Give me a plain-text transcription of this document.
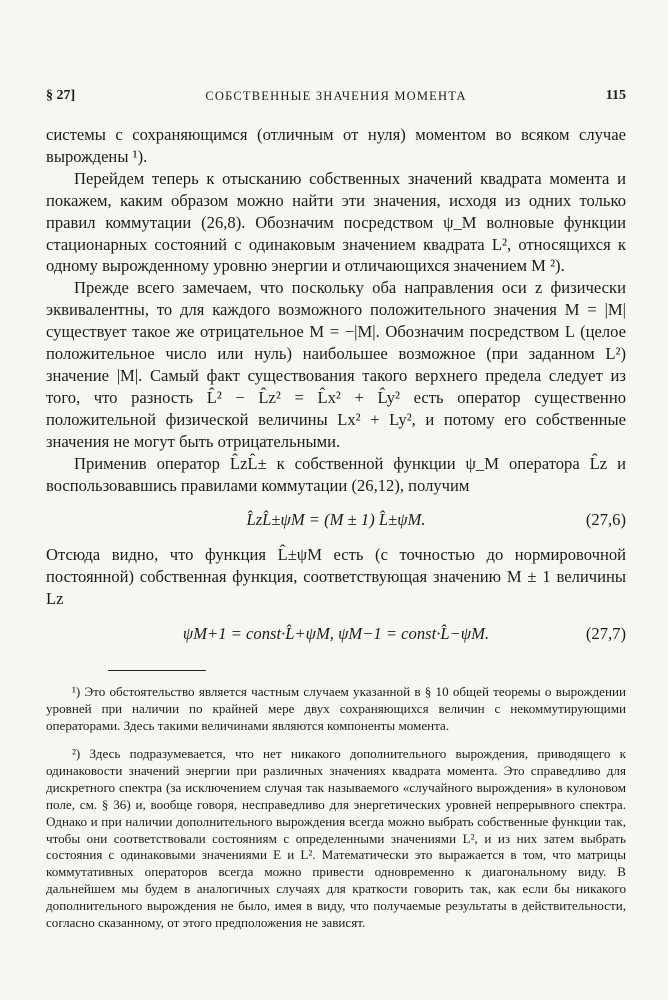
§ 27]	СОБСТВЕННЫЕ ЗНАЧЕНИЯ МОМЕНТА	115

системы с сохраняющимся (отличным от нуля) моментом во всяком случае вырождены ¹).

Перейдем теперь к отысканию собственных значений квадрата момента и покажем, каким образом можно найти эти значения, исходя из одних только правил коммутации (26,8). Обозначим посредством ψ_M волновые функции стационарных состояний с одинаковым значением квадрата L², относящихся к одному вырожденному уровню энергии и отличающихся значением M ²).

Прежде всего замечаем, что поскольку оба направления оси z физически эквивалентны, то для каждого возможного положительного значения M = |M| существует такое же отрицательное M = −|M|. Обозначим посредством L (целое положительное число или нуль) наибольшее возможное (при заданном L²) значение |M|. Самый факт существования такого верхнего предела следует из того, что разность L̂² − L̂z² = L̂x² + L̂y² есть оператор существенно положительной физической величины Lx² + Ly², и потому его собственные значения не могут быть отрицательными.

Применив оператор L̂zL̂± к собственной функции ψ_M оператора L̂z и воспользовавшись правилами коммутации (26,12), получим

L̂zL̂±ψM = (M ± 1) L̂±ψM.	(27,6)

Отсюда видно, что функция L̂±ψM есть (с точностью до нормировочной постоянной) собственная функция, соответствующая значению M ± 1 величины Lz

ψM+1 = const·L̂+ψM, ψM−1 = const·L̂−ψM.	(27,7)

¹) Это обстоятельство является частным случаем указанной в § 10 общей теоремы о вырождении уровней при наличии по крайней мере двух сохраняющихся величин с некоммутирующими операторами. Здесь такими величинами являются компоненты момента.

²) Здесь подразумевается, что нет никакого дополнительного вырождения, приводящего к одинаковости значений энергии при различных значениях квадрата момента. Это справедливо для дискретного спектра (за исключением случая так называемого «случайного вырождения» в кулоновом поле, см. § 36) и, вообще говоря, несправедливо для энергетических уровней непрерывного спектра. Однако и при наличии дополнительного вырождения всегда можно выбрать собственные функции так, чтобы они соответствовали состояниям с определенными значениями L², и из них затем выбрать состояния с одинаковыми значениями E и L². Математически это выражается в том, что матрицы коммутативных операторов всегда можно привести одновременно к диагональному виду. В дальнейшем мы будем в аналогичных случаях для краткости говорить так, как если бы никакого дополнительного вырождения не было, имея в виду, что получаемые результаты в действительности, согласно сказанному, от этого предположения не зависят.
